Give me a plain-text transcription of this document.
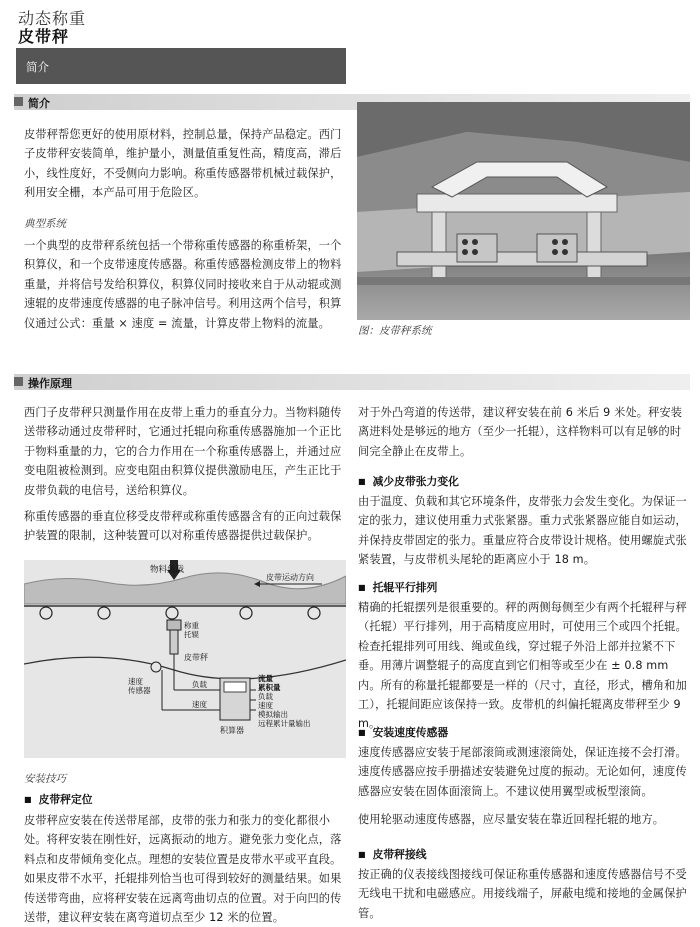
动态称重
皮带秤
简介
简介

皮带秤帮您更好的使用原材料，控制总量，保持产品稳定。西门子皮带秤安装简单，维护量小，测量值重复性高，精度高，滞后小，线性度好，不受侧向力影响。称重传感器带机械过载保护，利用安全栅，本产品可用于危险区。

典型系统

一个典型的皮带秤系统包括一个带称重传感器的称重桥架，一个积算仪，和一个皮带速度传感器。称重传感器检测皮带上的物料重量，并将信号发给积算仪，积算仪同时接收来自于从动辊或测速辊的皮带速度传感器的电子脉冲信号。利用这两个信号，积算仪通过公式：重量 × 速度 = 流量，计算皮带上物料的流量。

图：皮带秤系统
操作原理

西门子皮带秤只测量作用在皮带上重力的垂直分力。当物料随传送带移动通过皮带秤时，它通过托辊向称重传感器施加一个正比于物料重量的力，它的合力作用在一个称重传感器上，并通过应变电阻被检测到。应变电阻由积算仪提供激励电压，产生正比于皮带负载的电信号，送给积算仪。

称重传感器的垂直位移受皮带秤或称重传感器含有的正向过载保护装置的限制，这种装置可以对称重传感器提供过载保护。

物料负载
皮带运动方向
称重托辊
皮带秤
速度传感器
负载
速度
积算器
流量
累积量
负载
速度
模拟输出
远程累计量输出
安装技巧
■ 皮带秤定位

皮带秤应安装在传送带尾部，皮带的张力和张力的变化都很小处。将秤安装在刚性好，远离振动的地方。避免张力变化点，落料点和皮带倾角变化点。理想的安装位置是皮带水平或平直段。如果皮带不水平，托辊排列恰当也可得到较好的测量结果。如果传送带弯曲，应将秤安装在远离弯曲切点的位置。对于向凹的传送带，建议秤安装在离弯道切点至少 12 米的位置。

对于外凸弯道的传送带，建议秤安装在前 6 米后 9 米处。秤安装离进料处是够远的地方（至少一托辊），这样物料可以有足够的时间完全静止在皮带上。

■ 减少皮带张力变化

由于温度、负载和其它环境条件，皮带张力会发生变化。为保证一定的张力，建议使用重力式张紧器。重力式张紧器应能自如运动，并保持皮带固定的张力。重量应符合皮带设计规格。使用螺旋式张紧装置，与皮带机头尾轮的距离应小于 18 m。

■ 托辊平行排列

精确的托辊摆列是很重要的。秤的两侧每侧至少有两个托辊秤与秤（托辊）平行排列，用于高精度应用时，可使用三个或四个托辊。检查托辊排列可用线、绳或鱼线，穿过辊子外沿上部并拉紧不下垂。用薄片调整辊子的高度直到它们相等或至少在 ± 0.8 mm 内。所有的称量托辊都要是一样的（尺寸，直径，形式，槽角和加工），托辊间距应该保持一致。皮带机的纠偏托辊离皮带秤至少 9 m。

■ 安装速度传感器

速度传感器应安装于尾部滚筒或测速滚筒处，保证连接不会打滑。速度传感器应按手册描述安装避免过度的振动。无论如何，速度传感器应安装在固体面滚筒上。不建议使用翼型或板型滚筒。

使用轮驱动速度传感器，应尽量安装在靠近回程托辊的地方。

■ 皮带秤接线

按正确的仪表接线图接线可保证称重传感器和速度传感器信号不受无线电干扰和电磁感应。用接线端子，屏蔽电缆和接地的金属保护管。
